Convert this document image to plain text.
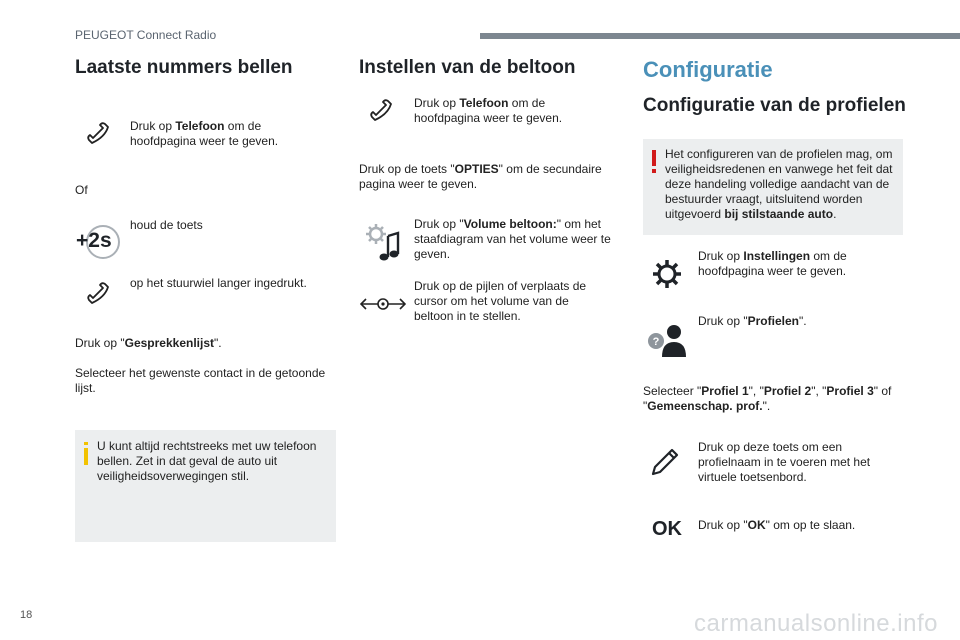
PEUGEOT Connect Radio
Laatste nummers bellen

Druk op Telefoon om de hoofdpagina weer te geven.

Of

+2s

houd de toets

op het stuurwiel langer ingedrukt.

Druk op "Gesprekkenlijst".

Selecteer het gewenste contact in de getoonde lijst.

U kunt altijd rechtstreeks met uw telefoon bellen. Zet in dat geval de auto uit veiligheidsoverwegingen stil.

Instellen van de beltoon

Druk op Telefoon om de hoofdpagina weer te geven.

Druk op de toets "OPTIES" om de secundaire pagina weer te geven.

Druk op "Volume beltoon:" om het staafdiagram van het volume weer te geven.

Druk op de pijlen of verplaats de cursor om het volume van de beltoon in te stellen.

Configuratie
Configuratie van de profielen

Het configureren van de profielen mag, om veiligheidsredenen en vanwege het feit dat deze handeling volledige aandacht van de bestuurder vraagt, uitsluitend worden uitgevoerd bij stilstaande auto.

Druk op Instellingen om de hoofdpagina weer te geven.

?

Druk op "Profielen".

Selecteer "Profiel 1", "Profiel 2", "Profiel 3" of "Gemeenschap. prof.".

Druk op deze toets om een profielnaam in te voeren met het virtuele toetsenbord.

OK Druk op "OK" om op te slaan.

18	carmanualsonline.info
